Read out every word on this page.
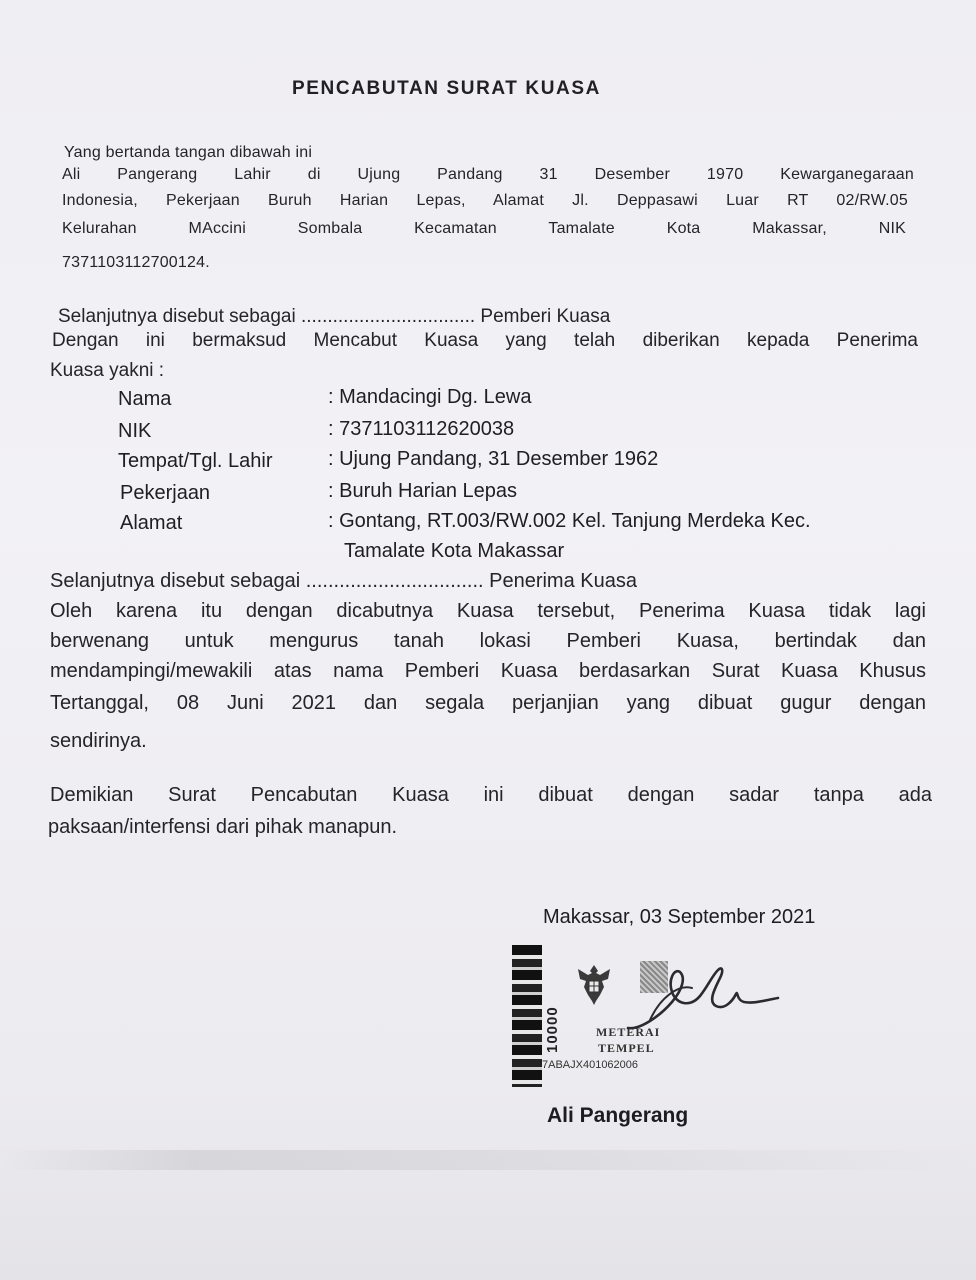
PENCABUTAN SURAT KUASA
Yang bertanda tangan dibawah ini
Ali Pangerang Lahir di Ujung Pandang 31 Desember 1970 Kewarganegaraan
Indonesia, Pekerjaan Buruh Harian Lepas, Alamat Jl. Deppasawi Luar RT 02/RW.05
Kelurahan MAccini Sombala Kecamatan Tamalate Kota Makassar, NIK
7371103112700124.
Selanjutnya disebut sebagai ................................. Pemberi Kuasa
Dengan ini bermaksud Mencabut Kuasa yang telah diberikan kepada Penerima
Kuasa yakni :
Nama	: Mandacingi Dg. Lewa
NIK	: 7371103112620038
Tempat/Tgl. Lahir	: Ujung Pandang, 31 Desember 1962
Pekerjaan	: Buruh Harian Lepas
Alamat	: Gontang, RT.003/RW.002 Kel. Tanjung Merdeka Kec.
Tamalate Kota Makassar
Selanjutnya disebut sebagai ................................ Penerima Kuasa
Oleh karena itu dengan dicabutnya Kuasa tersebut, Penerima Kuasa tidak lagi
berwenang untuk mengurus tanah lokasi Pemberi Kuasa, bertindak dan
mendampingi/mewakili atas nama Pemberi Kuasa berdasarkan Surat Kuasa Khusus
Tertanggal, 08 Juni 2021 dan segala perjanjian yang dibuat gugur dengan
sendirinya.
Demikian Surat Pencabutan Kuasa ini dibuat dengan sadar tanpa ada
paksaan/interfensi dari pihak manapun.
Makassar, 03 September 2021
10000	METERAI
TEMPEL
7ABAJX401062006
Ali Pangerang
